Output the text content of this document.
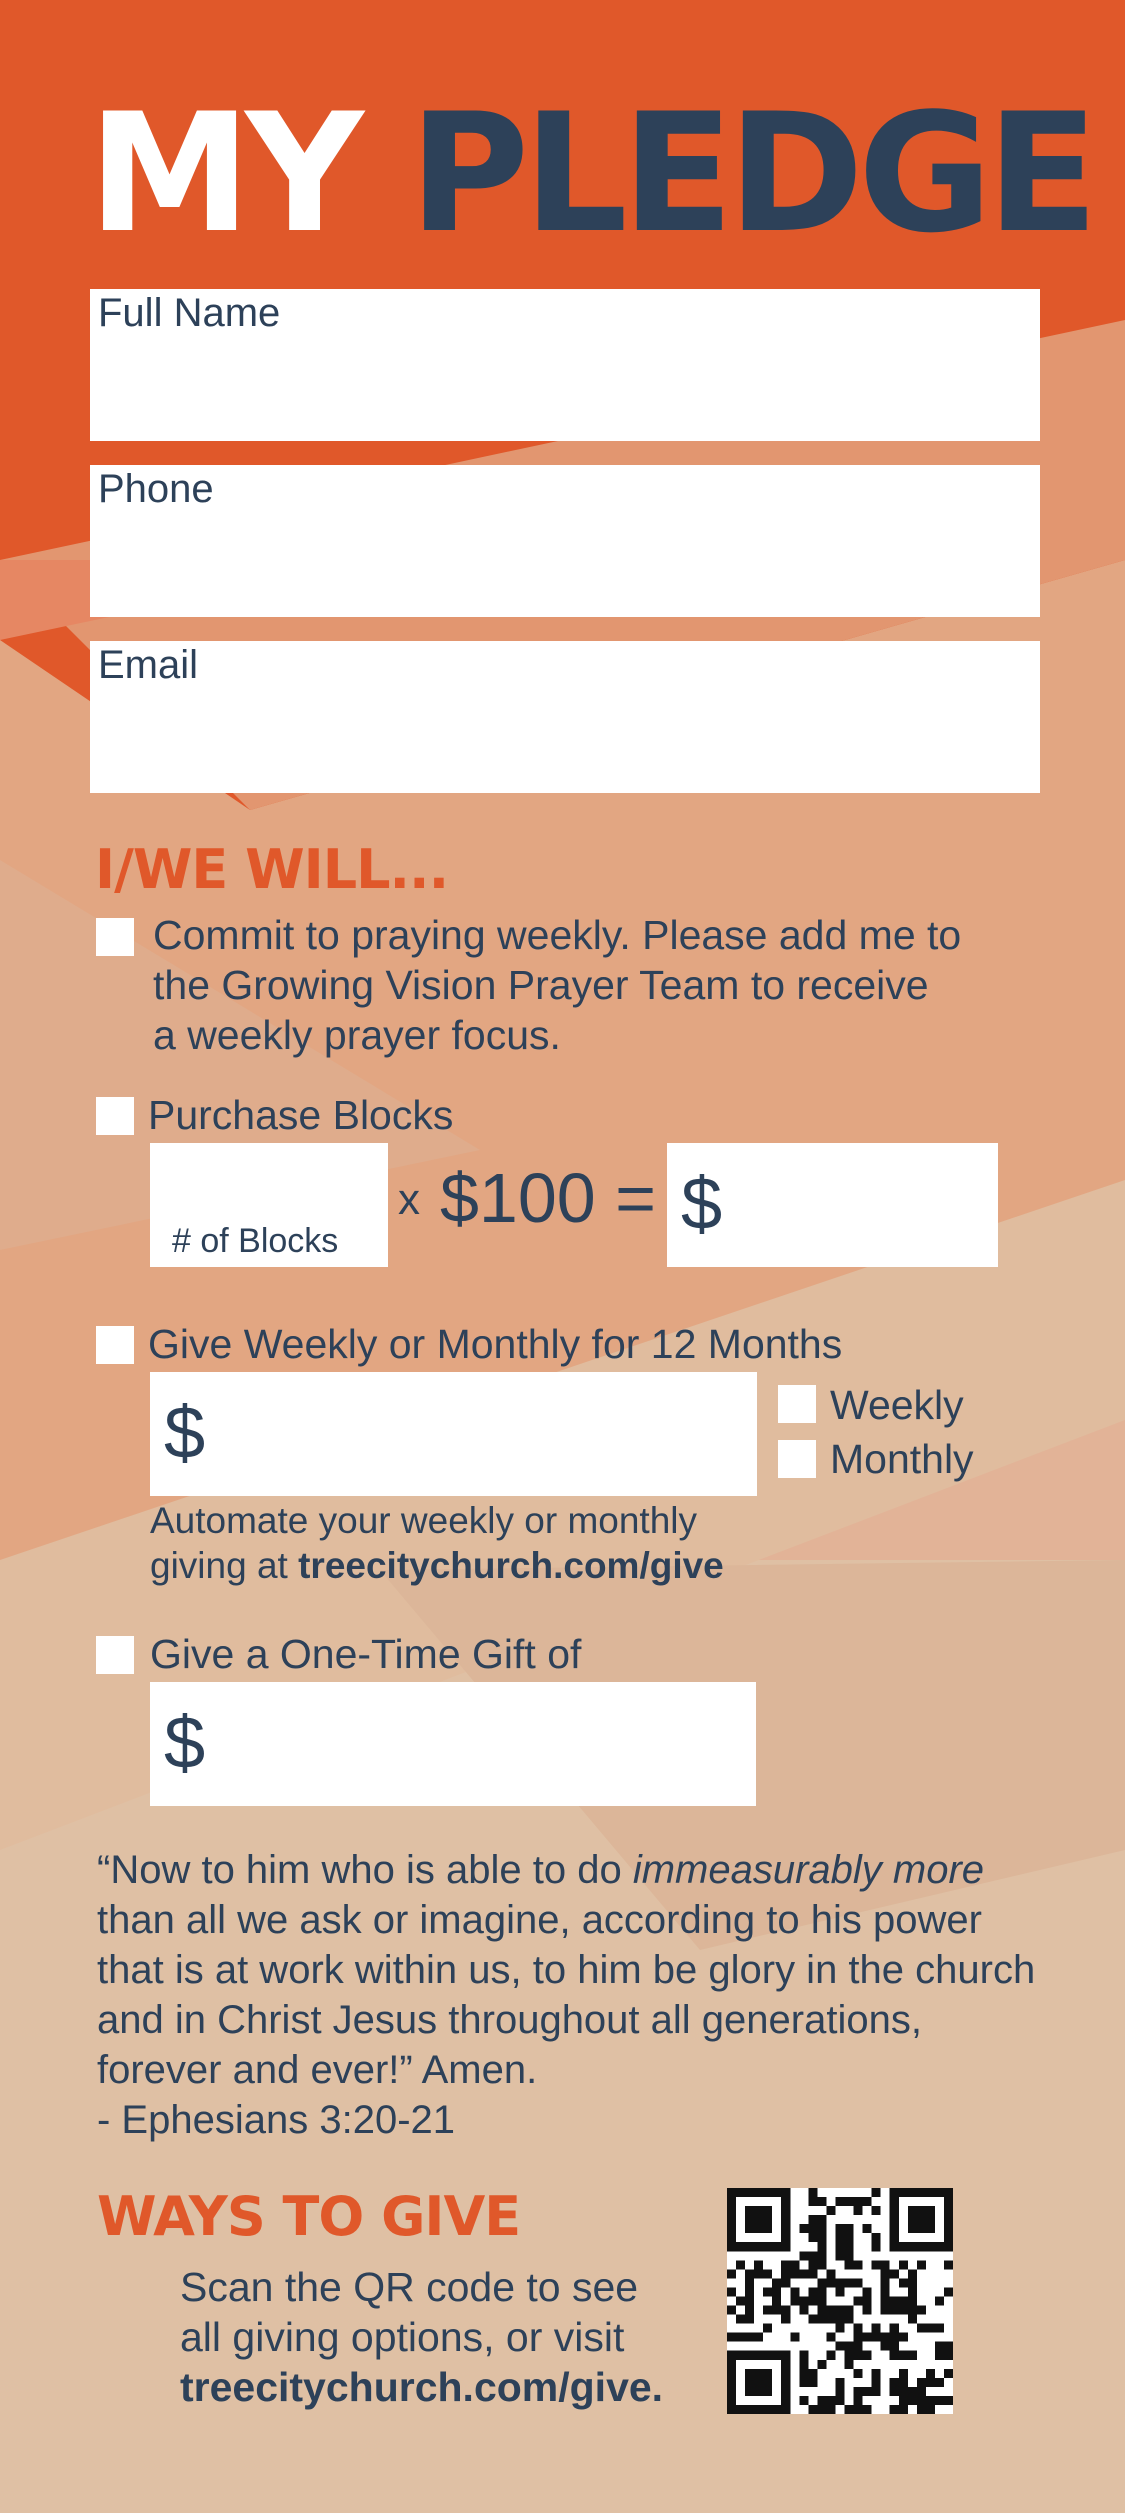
MY PLEDGE
Full Name
Phone
Email
I/WE WILL...
Commit to praying weekly. Please add me to
the Growing Vision Prayer Team to receive
a weekly prayer focus.
Purchase Blocks
# of Blocks
x $100 = $
Give Weekly or Monthly for 12 Months
$	Weekly
Monthly
Automate your weekly or monthly
giving at treecitychurch.com/give
Give a One-Time Gift of
$
“Now to him who is able to do immeasurably more than all we ask or imagine, according to his power that is at work within us, to him be glory in the church and in Christ Jesus throughout all generations, forever and ever!” Amen.
- Ephesians 3:20-21
WAYS TO GIVE
Scan the QR code to see
all giving options, or visit
treecitychurch.com/give.
